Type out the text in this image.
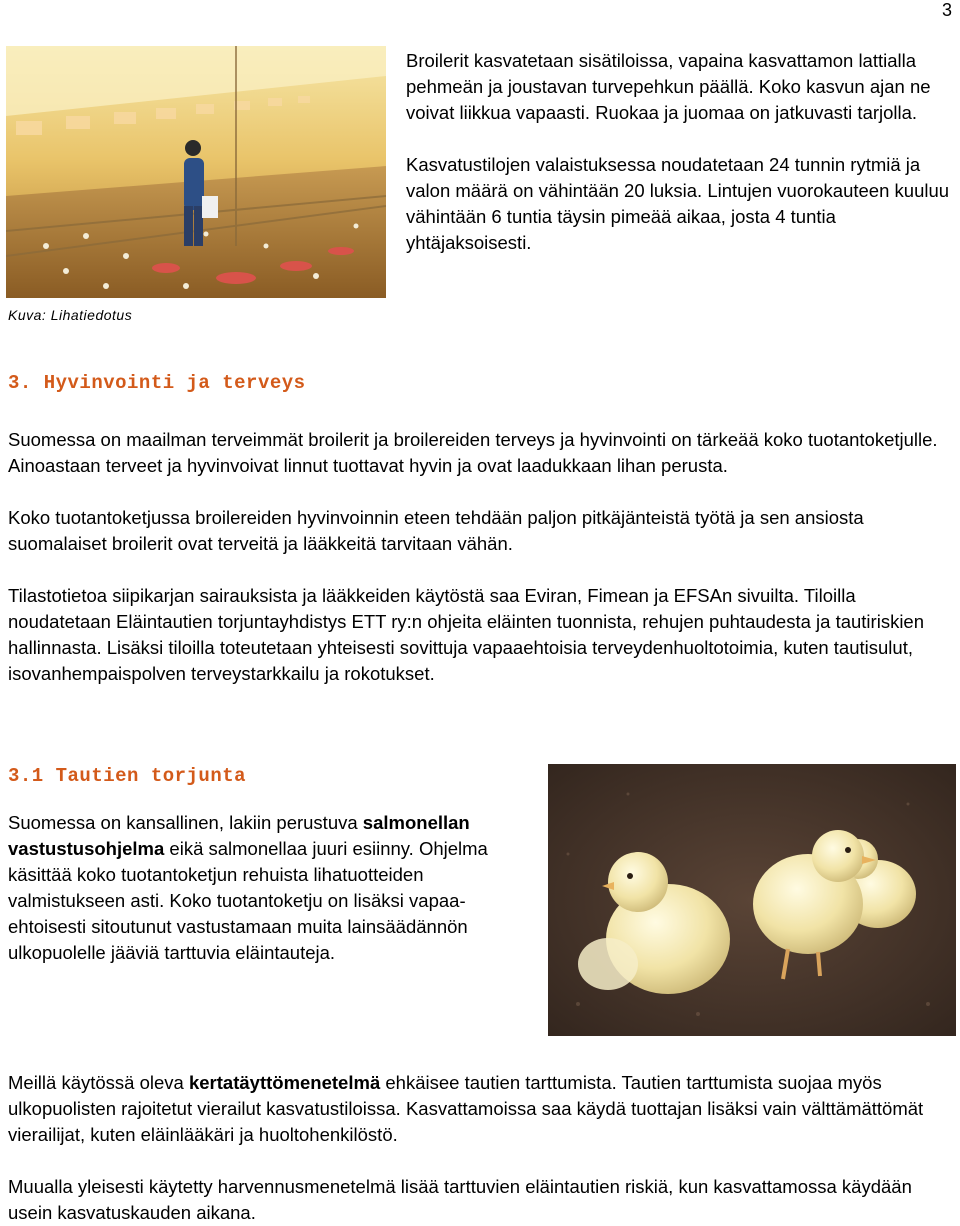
3
Kuva: Lihatiedotus

Broilerit kasvatetaan sisätiloissa, vapaina kasvattamon lattialla pehmeän ja joustavan turvepehkun päällä. Koko kasvun ajan ne voivat liikkua vapaasti. Ruokaa ja juomaa on jatkuvasti tarjolla.

Kasvatustilojen valaistuksessa noudatetaan 24 tunnin rytmiä ja valon määrä on vähintään 20 luksia. Lintujen vuorokauteen kuuluu vähintään 6 tuntia täysin pimeää aikaa, josta 4 tuntia yhtäjaksoisesti.

3. Hyvinvointi ja terveys

Suomessa on maailman terveimmät broilerit ja broilereiden terveys ja hyvinvointi on tärkeää koko tuotantoketjulle. Ainoastaan terveet ja hyvinvoivat linnut tuottavat hyvin ja ovat laadukkaan lihan perusta.

Koko tuotantoketjussa broilereiden hyvinvoinnin eteen tehdään paljon pitkäjänteistä työtä ja sen ansiosta suomalaiset broilerit ovat terveitä ja lääkkeitä tarvitaan vähän.

Tilastotietoa siipikarjan sairauksista ja lääkkeiden käytöstä saa Eviran, Fimean ja EFSAn sivuilta. Tiloilla noudatetaan Eläintautien torjuntayhdistys ETT ry:n ohjeita eläinten tuonnista, rehujen puhtaudesta ja tautiriskien hallinnasta. Lisäksi tiloilla toteutetaan yhteisesti sovittuja vapaaehtoisia terveydenhuoltotoimia, kuten tautisulut, isovanhempaispolven terveystarkkailu ja rokotukset.

3.1 Tautien torjunta

Suomessa on kansallinen, lakiin perustuva salmonellan vastustusohjelma eikä salmonellaa juuri esiinny. Ohjelma käsittää koko tuotantoketjun rehuista lihatuotteiden valmistukseen asti. Koko tuotantoketju on lisäksi vapaa-ehtoisesti sitoutunut vastustamaan muita lainsäädännön ulkopuolelle jääviä tarttuvia eläintauteja.

Meillä käytössä oleva kertatäyttömenetelmä ehkäisee tautien tarttumista. Tautien tarttumista suojaa myös ulkopuolisten rajoitetut vierailut kasvatustiloissa. Kasvattamoissa saa käydä tuottajan lisäksi vain välttämättömät vierailijat, kuten eläinlääkäri ja huoltohenkilöstö.

Muualla yleisesti käytetty harvennusmenetelmä lisää tarttuvien eläintautien riskiä, kun kasvattamossa käydään usein kasvatuskauden aikana.
